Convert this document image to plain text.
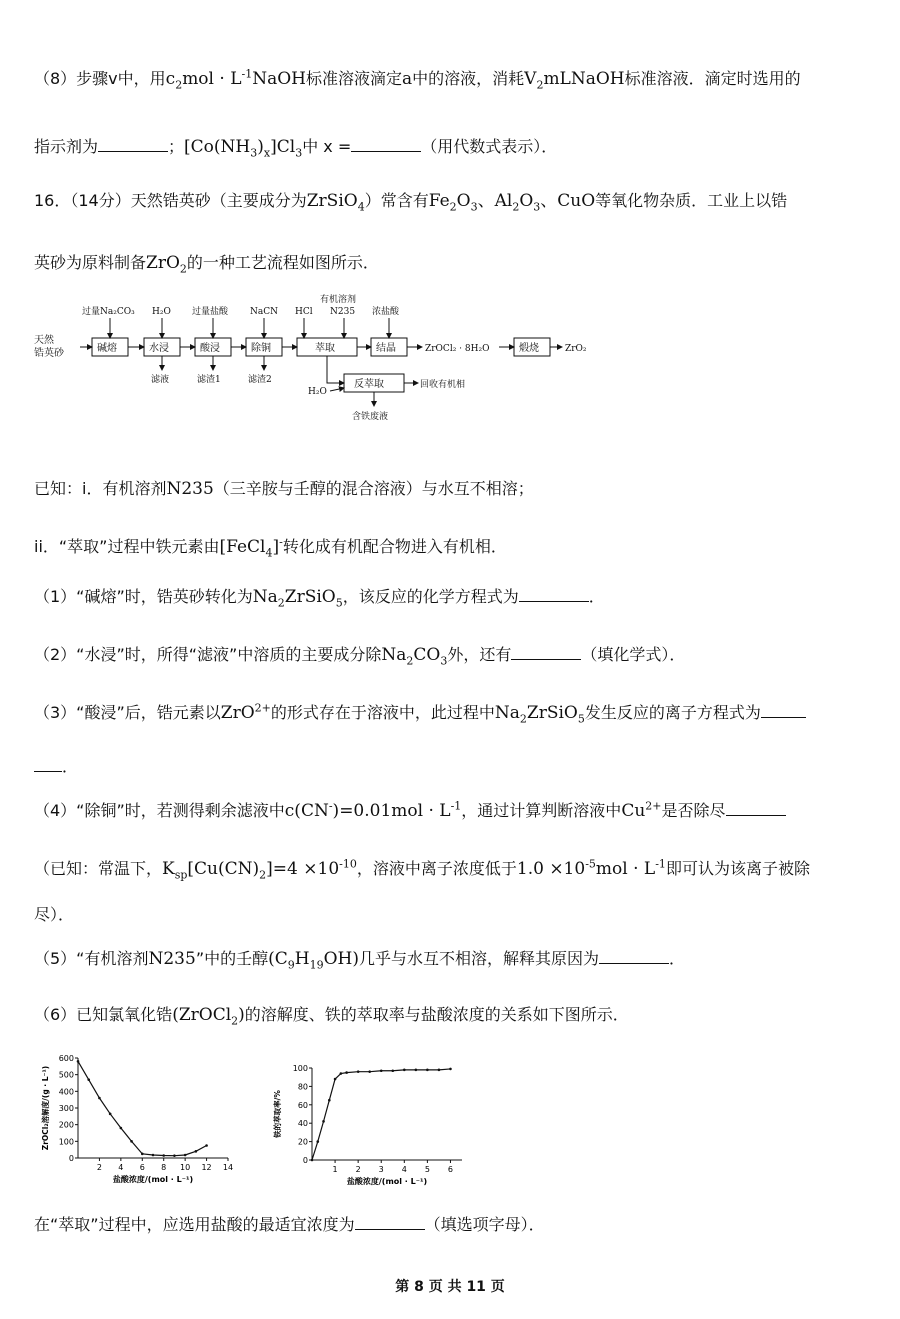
（8）步骤v中，用$c_2mol$ · $L^{-1}NaOH$标准溶液滴定a中的溶液，消耗$V_2mLNaOH$标准溶液．滴定时选用的
指示剂为	；$[Co(NH_3)_x]Cl_3$中 x =	（用代数式表示）．
16．（14分）天然锆英砂（主要成分为ZrSiO$_4$）常含有$Fe_2O_3$、$Al_2O_3$、CuO等氧化物杂质．工业上以锆
英砂为原料制备ZrO$_2$的一种工艺流程如图所示．
天然
锆英砂	碱熔	水浸	酸浸	除铜	萃取	结晶	煅烧
反萃取
过量Na₂CO₃ H₂O 过量盐酸 NaCN HCl
有机溶剂
N235 浓盐酸
滤液	滤渣1	滤渣2
ZrOCl₂ · 8H₂O	ZrO₂
H₂O
回收有机相
含铁废液
已知：i．有机溶剂N235（三辛胺与壬醇的混合溶液）与水互不相溶；
ii．“萃取”过程中铁元素由[FeCl$_4$]-转化成有机配合物进入有机相．
（1）“碱熔”时，锆英砂转化为$Na_2ZrSiO_5$，该反应的化学方程式为	．
（2）“水浸”时，所得“滤液”中溶质的主要成分除$Na_2CO_3$外，还有	（填化学式）．
（3）“酸浸”后，锆元素以ZrO$^{2+}$的形式存在于溶液中，此过程中$Na_2ZrSiO_5$发生反应的离子方程式为
．
（4）“除铜”时，若测得剩余滤液中$c(CN^-)=0.01mol \cdot L^{-1}$，通过计算判断溶液中$Cu^{2+}$是否除尽
（已知：常温下，$K_{sp}[Cu(CN)_2]=4 \times 10^{-10}$，溶液中离子浓度低于$1.0 \times 10^{-5}mol \cdot L^{-1}$即可认为该离子被除
尽）．
（5）“有机溶剂N235”中的壬醇$(C_9H_{19}OH)$几乎与水互不相溶，解释其原因为	．
（6）已知氯氧化锆(ZrOCl$_2$)的溶解度、铁的萃取率与盐酸浓度的关系如下图所示．
0
100
200
300
400
500
600
2 4 6 8 10 12 14
盐酸浓度/(mol · L⁻¹)
ZrOCl₂溶解度/(g · L⁻¹)
0
20
40
60
80
100
1 2 3 4 5 6
盐酸浓度/(mol · L⁻¹)
铁的萃取率/%
在“萃取”过程中，应选用盐酸的最适宜浓度为	（填选项字母）．
第 8 页 共 11 页
